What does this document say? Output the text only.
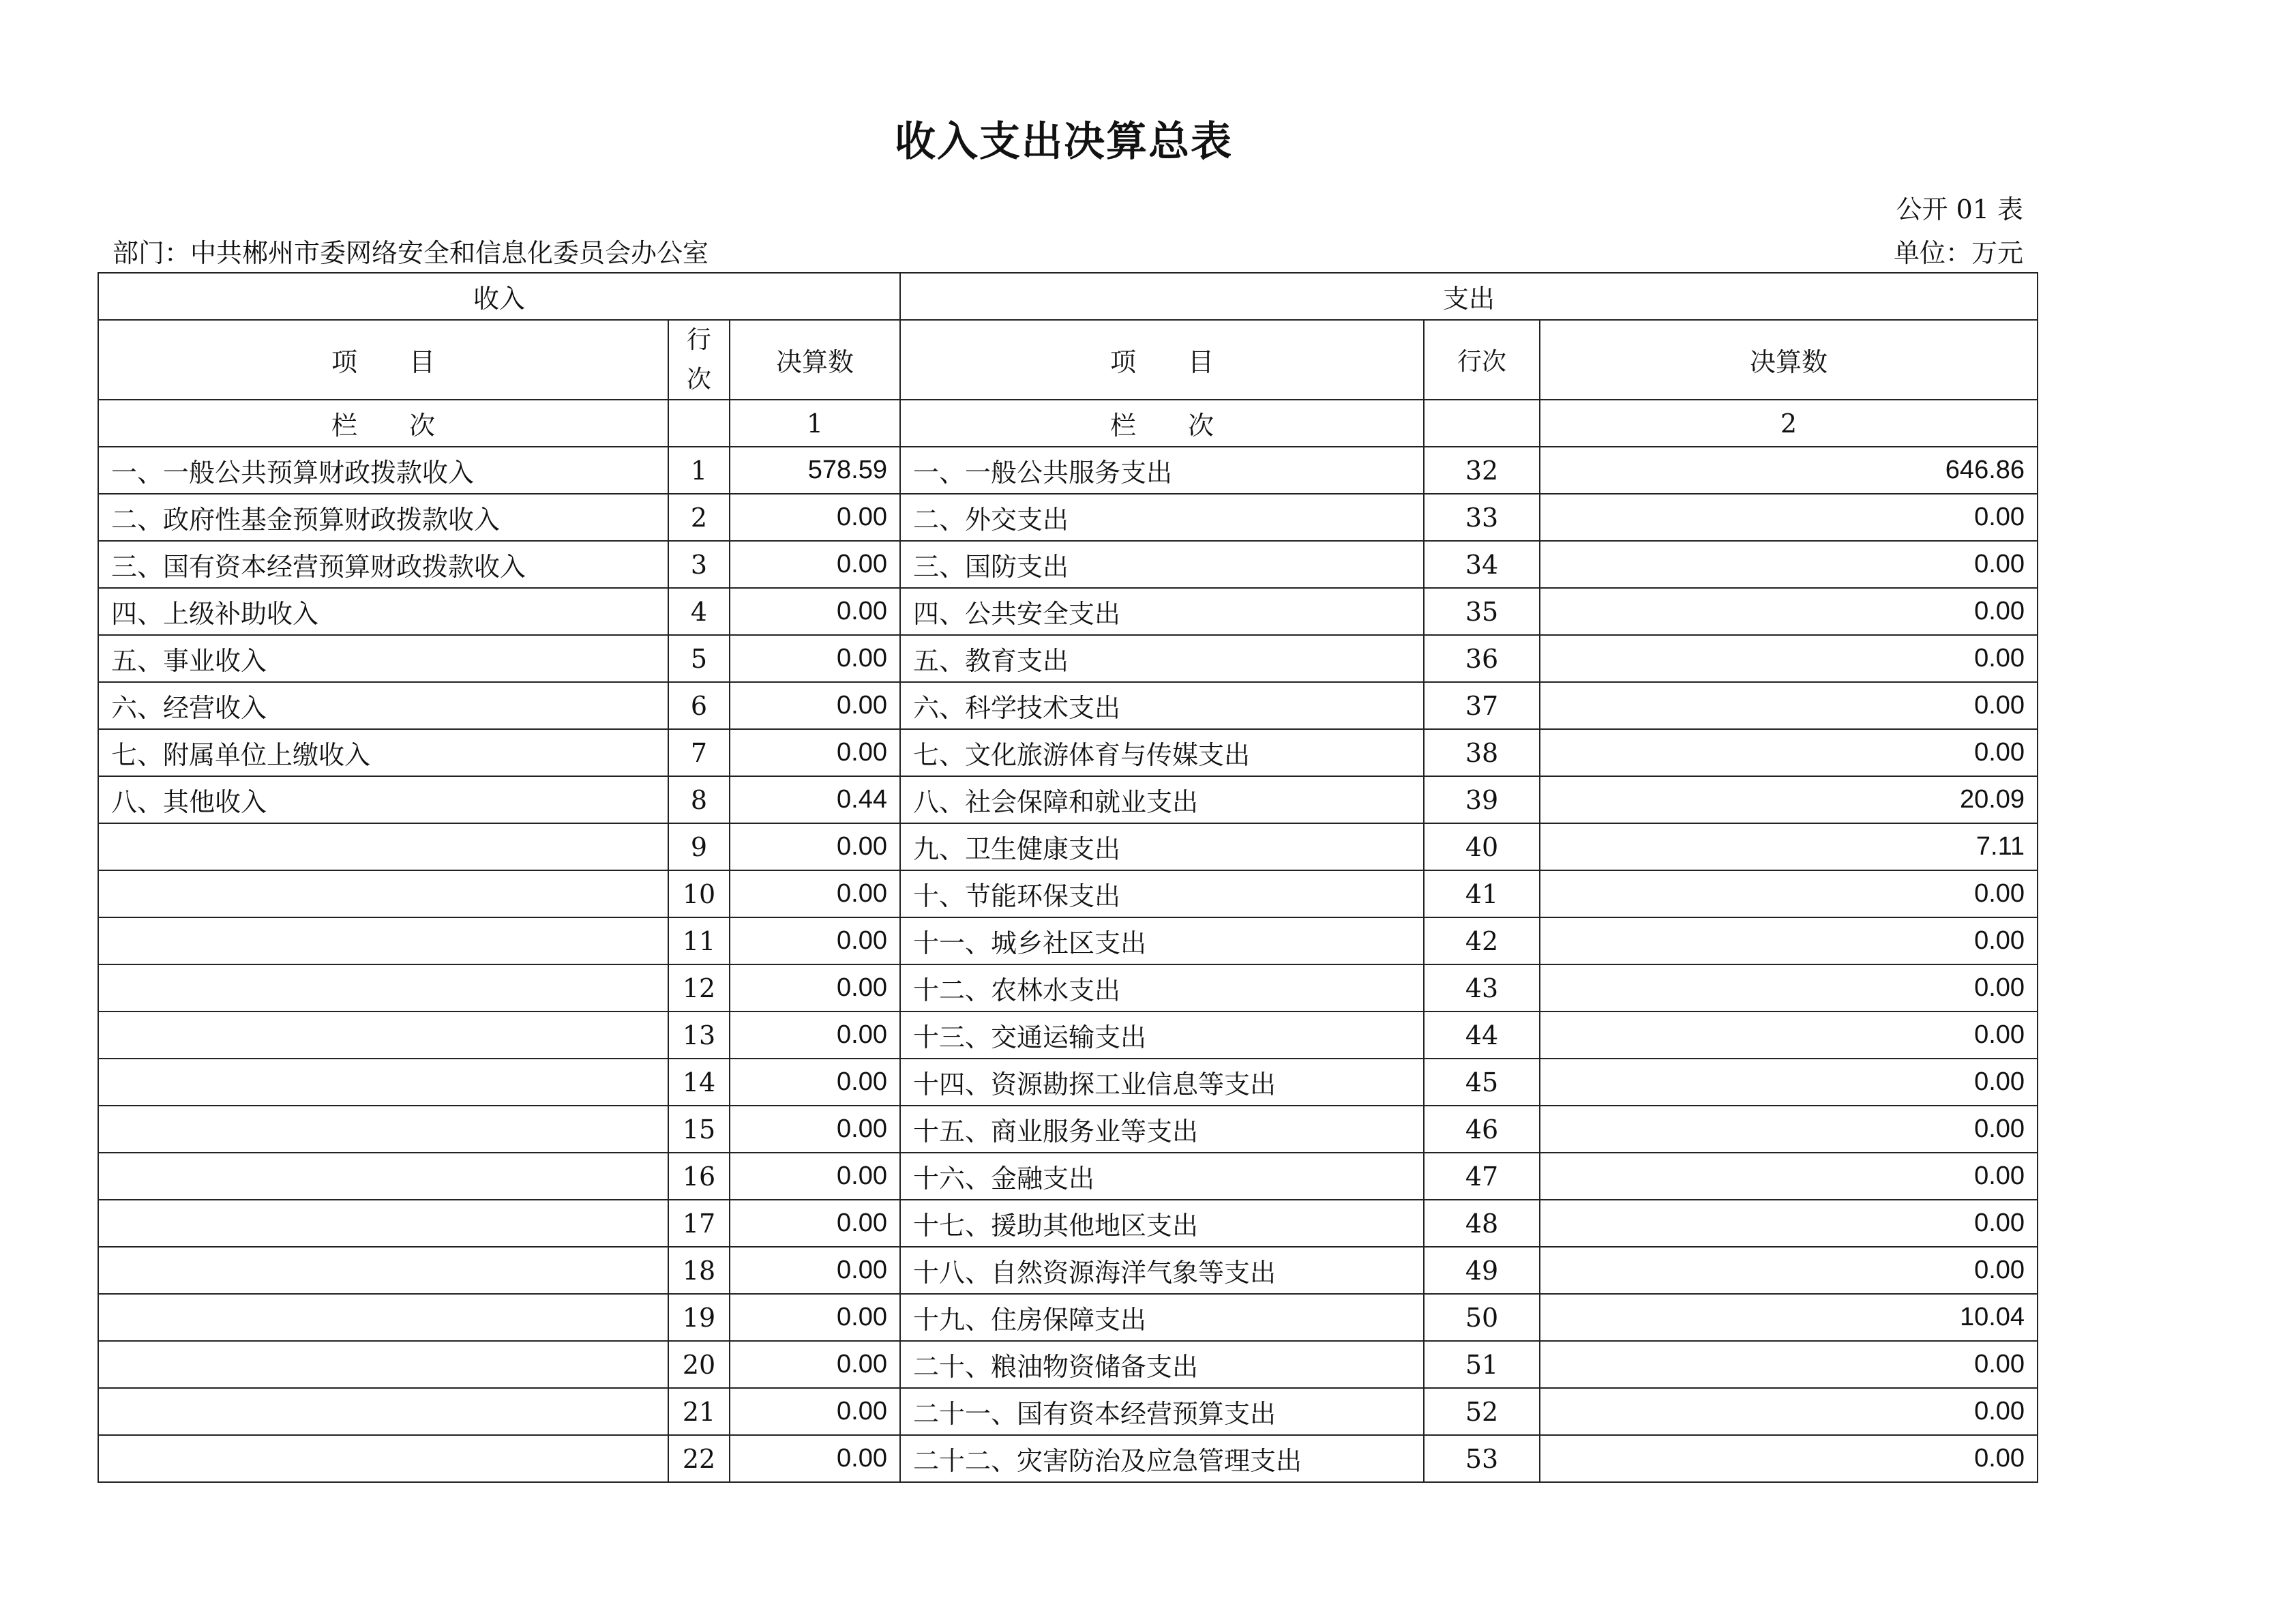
收入支出决算总表
公开 01 表
部门：中共郴州市委网络安全和信息化委员会办公室	单位：万元
收入			支出		
项　　目	行次	决算数	项　　目	行次	决算数
栏　　次		1	栏　　次		2
一、一般公共预算财政拨款收入	1	578.59	一、一般公共服务支出	32	646.86
二、政府性基金预算财政拨款收入	2	0.00	二、外交支出	33	0.00
三、国有资本经营预算财政拨款收入	3	0.00	三、国防支出	34	0.00
四、上级补助收入	4	0.00	四、公共安全支出	35	0.00
五、事业收入	5	0.00	五、教育支出	36	0.00
六、经营收入	6	0.00	六、科学技术支出	37	0.00
七、附属单位上缴收入	7	0.00	七、文化旅游体育与传媒支出	38	0.00
八、其他收入	8	0.44	八、社会保障和就业支出	39	20.09
	9	0.00	九、卫生健康支出	40	7.11
	10	0.00	十、节能环保支出	41	0.00
	11	0.00	十一、城乡社区支出	42	0.00
	12	0.00	十二、农林水支出	43	0.00
	13	0.00	十三、交通运输支出	44	0.00
	14	0.00	十四、资源勘探工业信息等支出	45	0.00
	15	0.00	十五、商业服务业等支出	46	0.00
	16	0.00	十六、金融支出	47	0.00
	17	0.00	十七、援助其他地区支出	48	0.00
	18	0.00	十八、自然资源海洋气象等支出	49	0.00
	19	0.00	十九、住房保障支出	50	10.04
	20	0.00	二十、粮油物资储备支出	51	0.00
	21	0.00	二十一、国有资本经营预算支出	52	0.00
	22	0.00	二十二、灾害防治及应急管理支出	53	0.00
